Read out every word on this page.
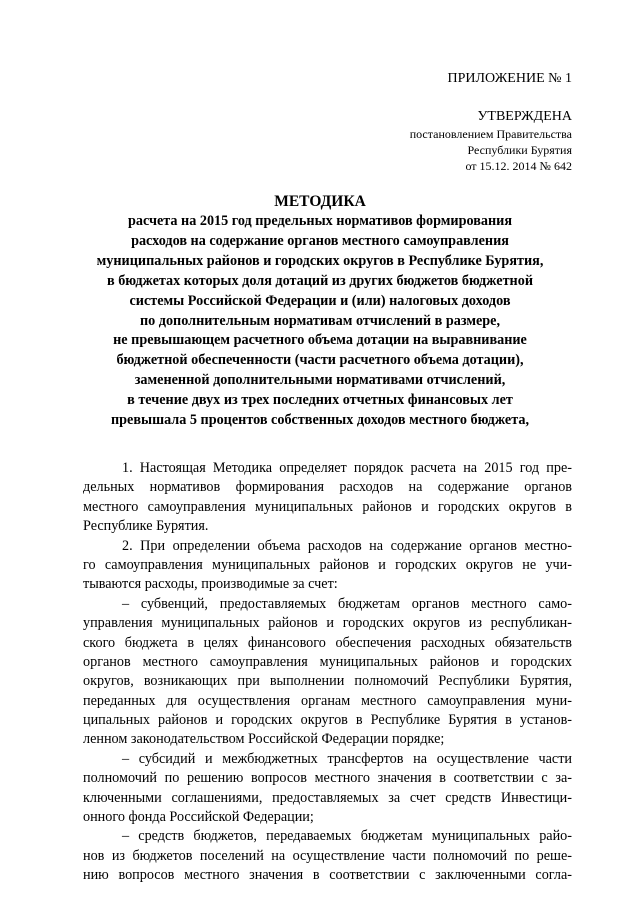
ПРИЛОЖЕНИЕ № 1
УТВЕРЖДЕНА
постановлением Правительства
Республики Бурятия
от 15.12. 2014 № 642
МЕТОДИКА
расчета на 2015 год предельных нормативов формирования
расходов на содержание органов местного самоуправления
муниципальных районов и городских округов в Республике Бурятия,
в бюджетах которых доля дотаций из других бюджетов бюджетной
системы Российской Федерации и (или) налоговых доходов
по дополнительным нормативам отчислений в размере,
не превышающем расчетного объема дотации на выравнивание
бюджетной обеспеченности (части расчетного объема дотации),
замененной дополнительными нормативами отчислений,
в течение двух из трех последних отчетных финансовых лет
превышала 5 процентов собственных доходов местного бюджета,
1. Настоящая Методика определяет порядок расчета на 2015 год пре-
дельных нормативов формирования расходов на содержание органов
местного самоуправления муниципальных районов и городских округов в
Республике Бурятия.
2. При определении объема расходов на содержание органов местно-
го самоуправления муниципальных районов и городских округов не учи-
тываются расходы, производимые за счет:
– субвенций, предоставляемых бюджетам органов местного само-
управления муниципальных районов и городских округов из республикан-
ского бюджета в целях финансового обеспечения расходных обязательств
органов местного самоуправления муниципальных районов и городских
округов, возникающих при выполнении полномочий Республики Бурятия,
переданных для осуществления органам местного самоуправления муни-
ципальных районов и городских округов в Республике Бурятия в установ-
ленном законодательством Российской Федерации порядке;
– субсидий и межбюджетных трансфертов на осуществление части
полномочий по решению вопросов местного значения в соответствии с за-
ключенными соглашениями, предоставляемых за счет средств Инвестици-
онного фонда Российской Федерации;
– средств бюджетов, передаваемых бюджетам муниципальных райо-
нов из бюджетов поселений на осуществление части полномочий по реше-
нию вопросов местного значения в соответствии с заключенными согла-
